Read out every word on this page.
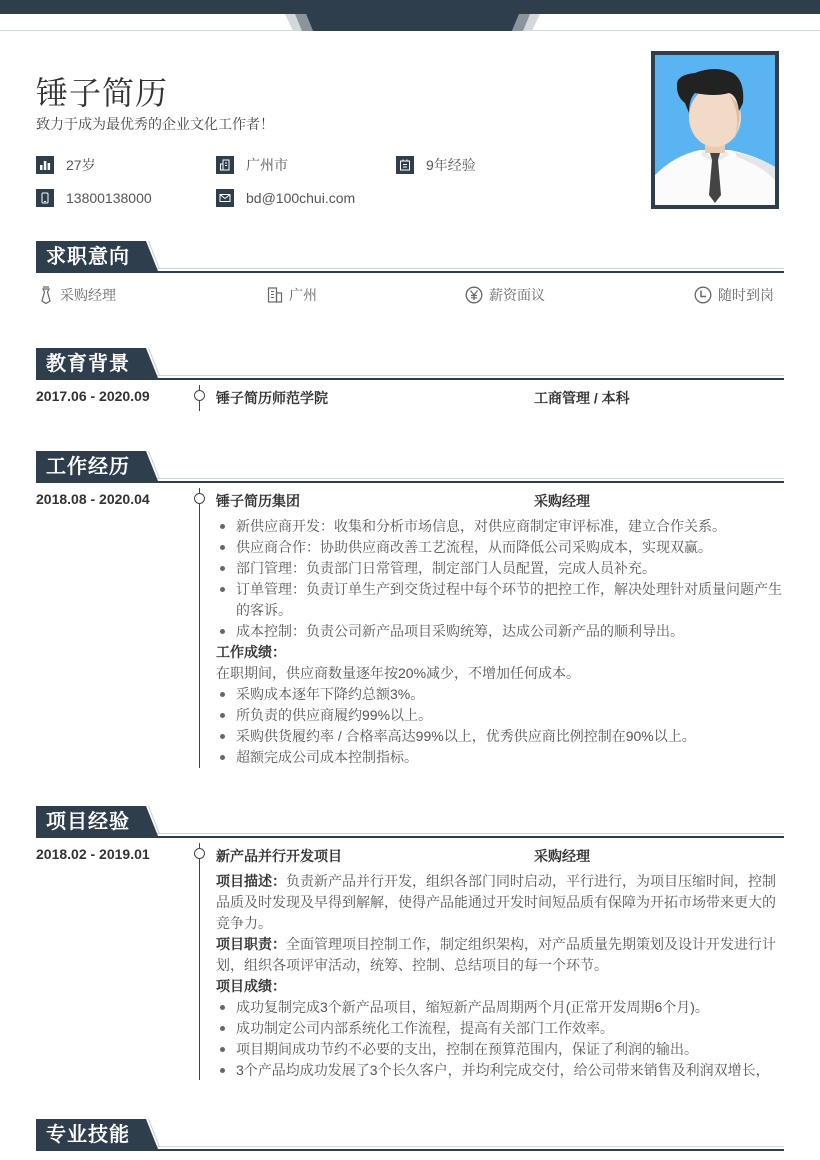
锤子简历
致力于成为最优秀的企业文化工作者！
27岁	广州市	9年经验
13800138000	bd@100chui.com
求职意向
采购经理	广州	薪资面议	随时到岗
教育背景
2017.06 - 2020.09	锤子简历师范学院	工商管理 / 本科
工作经历
2018.08 - 2020.04	锤子简历集团	采购经理
新供应商开发：收集和分析市场信息，对供应商制定审评标准，建立合作关系。
供应商合作：协助供应商改善工艺流程，从而降低公司采购成本，实现双赢。
部门管理：负责部门日常管理，制定部门人员配置，完成人员补充。
订单管理：负责订单生产到交货过程中每个环节的把控工作，解决处理针对质量问题产生的客诉。
成本控制：负责公司新产品项目采购统筹，达成公司新产品的顺利导出。
工作成绩：
在职期间，供应商数量逐年按20%减少，不增加任何成本。
采购成本逐年下降约总额3%。
所负责的供应商履约99%以上。
采购供货履约率 / 合格率高达99%以上，优秀供应商比例控制在90%以上。
超额完成公司成本控制指标。
项目经验
2018.02 - 2019.01	新产品并行开发项目	采购经理
项目描述：负责新产品并行开发，组织各部门同时启动，平行进行，为项目压缩时间，控制品质及时发现及早得到解解，使得产品能通过开发时间短品质有保障为开拓市场带来更大的竞争力。
项目职责：全面管理项目控制工作，制定组织架构，对产品质量先期策划及设计开发进行计划，组织各项评审活动，统筹、控制、总结项目的每一个环节。
项目成绩：
成功复制完成3个新产品项目，缩短新产品周期两个月(正常开发周期6个月)。
成功制定公司内部系统化工作流程，提高有关部门工作效率。
项目期间成功节约不必要的支出，控制在预算范围内，保证了利润的输出。
3个产品均成功发展了3个长久客户，并均利完成交付，给公司带来销售及利润双增长，
专业技能
